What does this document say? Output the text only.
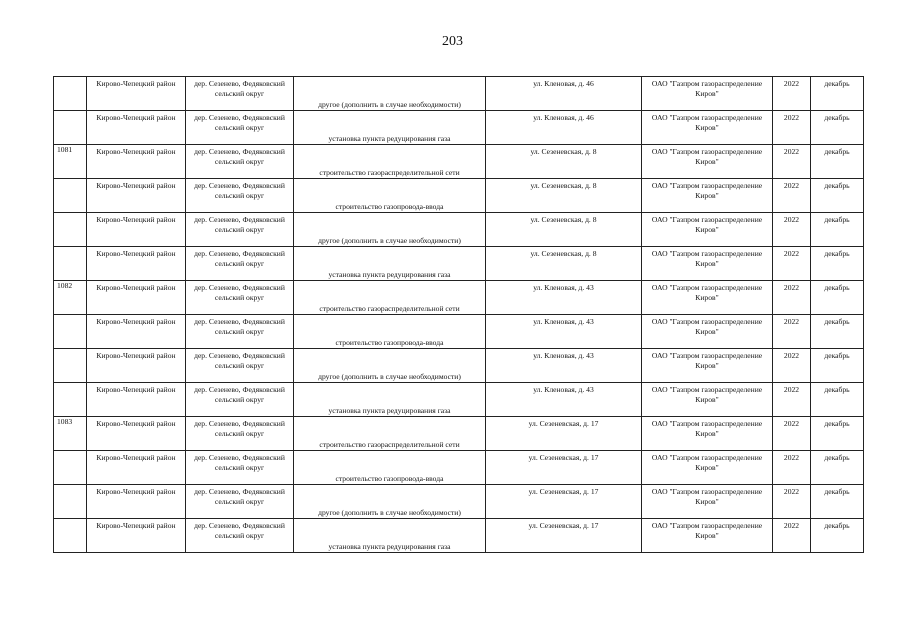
203
	Кирово-Чепецкий район	дер. Сезенево, Федяковский сельский округ	другое (дополнить в случае необходимости)	ул. Кленовая, д. 46	ОАО "Газпром газораспределение Киров"	2022	декабрь
	Кирово-Чепецкий район	дер. Сезенево, Федяковский сельский округ	установка пункта редуцирования газа	ул. Кленовая, д. 46	ОАО "Газпром газораспределение Киров"	2022	декабрь
1081	Кирово-Чепецкий район	дер. Сезенево, Федяковский сельский округ	строительство газораспределительной сети	ул. Сезеневская, д. 8	ОАО "Газпром газораспределение Киров"	2022	декабрь
	Кирово-Чепецкий район	дер. Сезенево, Федяковский сельский округ	строительство газопровода-ввода	ул. Сезеневская, д. 8	ОАО "Газпром газораспределение Киров"	2022	декабрь
	Кирово-Чепецкий район	дер. Сезенево, Федяковский сельский округ	другое (дополнить в случае необходимости)	ул. Сезеневская, д. 8	ОАО "Газпром газораспределение Киров"	2022	декабрь
	Кирово-Чепецкий район	дер. Сезенево, Федяковский сельский округ	установка пункта редуцирования газа	ул. Сезеневская, д. 8	ОАО "Газпром газораспределение Киров"	2022	декабрь
1082	Кирово-Чепецкий район	дер. Сезенево, Федяковский сельский округ	строительство газораспределительной сети	ул. Кленовая, д. 43	ОАО "Газпром газораспределение Киров"	2022	декабрь
	Кирово-Чепецкий район	дер. Сезенево, Федяковский сельский округ	строительство газопровода-ввода	ул. Кленовая, д. 43	ОАО "Газпром газораспределение Киров"	2022	декабрь
	Кирово-Чепецкий район	дер. Сезенево, Федяковский сельский округ	другое (дополнить в случае необходимости)	ул. Кленовая, д. 43	ОАО "Газпром газораспределение Киров"	2022	декабрь
	Кирово-Чепецкий район	дер. Сезенево, Федяковский сельский округ	установка пункта редуцирования газа	ул. Кленовая, д. 43	ОАО "Газпром газораспределение Киров"	2022	декабрь
1083	Кирово-Чепецкий район	дер. Сезенево, Федяковский сельский округ	строительство газораспределительной сети	ул. Сезеневская, д. 17	ОАО "Газпром газораспределение Киров"	2022	декабрь
	Кирово-Чепецкий район	дер. Сезенево, Федяковский сельский округ	строительство газопровода-ввода	ул. Сезеневская, д. 17	ОАО "Газпром газораспределение Киров"	2022	декабрь
	Кирово-Чепецкий район	дер. Сезенево, Федяковский сельский округ	другое (дополнить в случае необходимости)	ул. Сезеневская, д. 17	ОАО "Газпром газораспределение Киров"	2022	декабрь
	Кирово-Чепецкий район	дер. Сезенево, Федяковский сельский округ	установка пункта редуцирования газа	ул. Сезеневская, д. 17	ОАО "Газпром газораспределение Киров"	2022	декабрь
